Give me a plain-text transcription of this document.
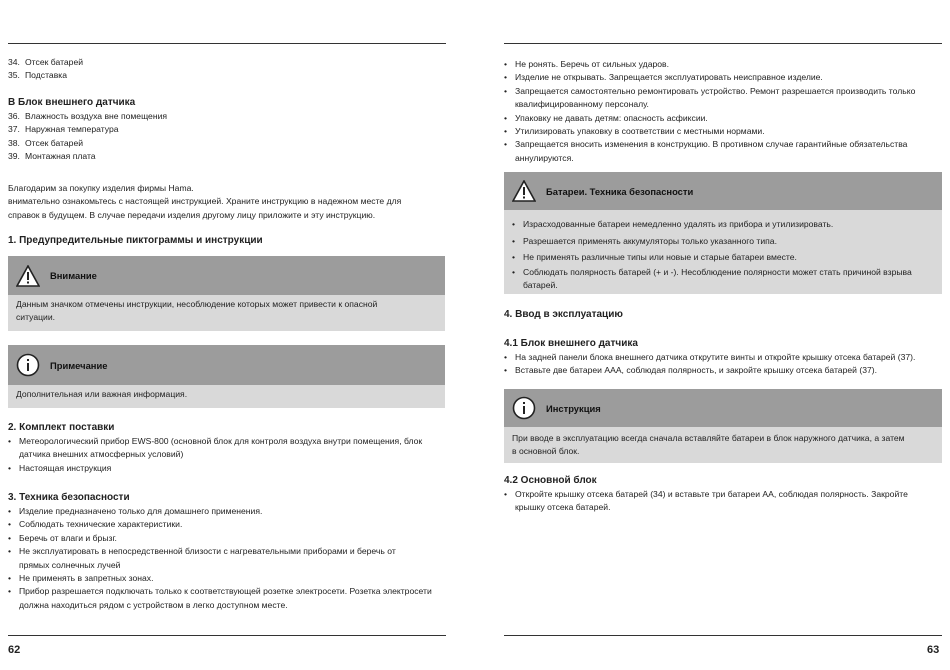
34. Отсек батарей
35. Подставка
B Блок внешнего датчика
36. Влажность воздуха вне помещения
37. Наружная температура
38. Отсек батарей
39. Монтажная плата

Благодарим за покупку изделия фирмы Hama.

внимательно ознакомьтесь с настоящей инструкцией. Храните инструкцию в надежном месте для

справок в будущем. В случае передачи изделия другому лицу приложите и эту инструкцию.

1. Предупредительные пиктограммы и инструкции
Внимание

Данным значком отмечены инструкции, несоблюдение которых может привести к опасной

ситуации.

Примечание

Дополнительная или важная информация.

2. Комплект поставки
• Метеорологический прибор EWS-800 (основной блок для контроля воздуха внутри помещения, блок
датчика внешних атмосферных условий)
• Настоящая инструкция
3. Техника безопасности
• Изделие предназначено только для домашнего применения.
• Соблюдать технические характеристики.
• Беречь от влаги и брызг.
• Не эксплуатировать в непосредственной близости с нагревательными приборами и беречь от
прямых солнечных лучей
• Не применять в запретных зонах.
• Прибор разрешается подключать только к соответствующей розетке электросети. Розетка электросети
должна находиться рядом с устройством в легко доступном месте.
62
• Не ронять. Беречь от сильных ударов.
• Изделие не открывать. Запрещается эксплуатировать неисправное изделие.
• Запрещается самостоятельно ремонтировать устройство. Ремонт разрешается производить только
квалифицированному персоналу.
• Упаковку не давать детям: опасность асфиксии.
• Утилизировать упаковку в соответствии с местными нормами.
• Запрещается вносить изменения в конструкцию. В противном случае гарантийные обязательства
аннулируются.
Батареи. Техника безопасности
• Израсходованные батареи немедленно удалять из прибора и утилизировать.
• Разрешается применять аккумуляторы только указанного типа.
• Не применять различные типы или новые и старые батареи вместе.
• Соблюдать полярность батарей (+ и -). Несоблюдение полярности может стать причиной взрыва
батарей.
4. Ввод в эксплуатацию
4.1 Блок внешнего датчика
• На задней панели блока внешнего датчика открутите винты и откройте крышку отсека батарей (37).
• Вставьте две батареи ААА, соблюдая полярность, и закройте крышку отсека батарей (37).
Инструкция

При вводе в эксплуатацию всегда сначала вставляйте батареи в блок наружного датчика, а затем

в основной блок.

4.2 Основной блок
• Откройте крышку отсека батарей (34) и вставьте три батареи АА, соблюдая полярность. Закройте
крышку отсека батарей.
63
